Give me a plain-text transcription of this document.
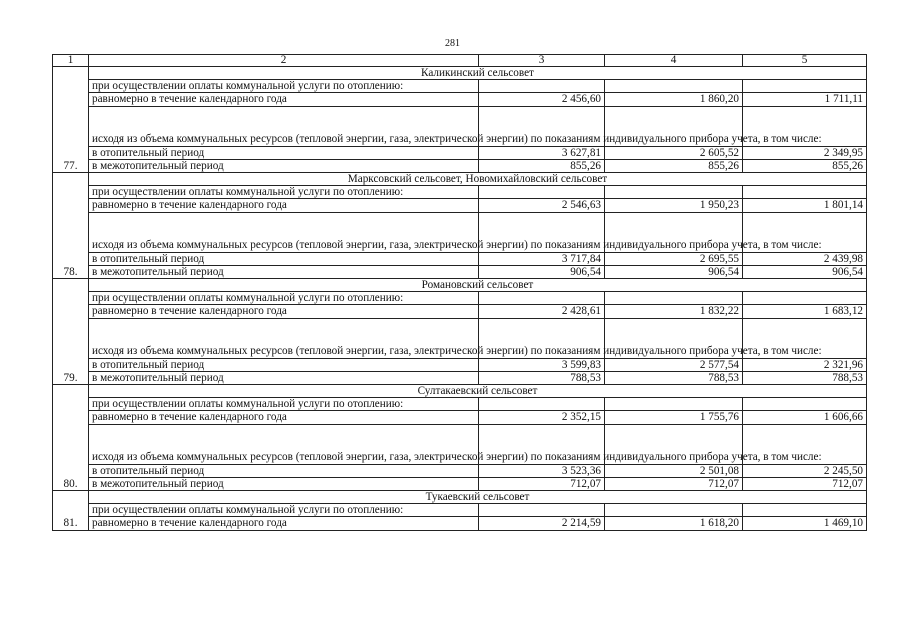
281
1	2	3	4	5
77.	Каликинский сельсовет			
	при осуществлении оплаты коммунальной услуги по отоплению:			
	равномерно в течение календарного года	2 456,60	1 860,20	1 711,11
	исходя из объема коммунальных ресурсов (тепловой энергии, газа, электрической энергии) по показаниям индивидуального прибора учета, в том числе:			
	в отопительный период	3 627,81	2 605,52	2 349,95
	в межотопительный период	855,26	855,26	855,26
78.	Марксовский сельсовет, Новомихайловский сельсовет			
	при осуществлении оплаты коммунальной услуги по отоплению:			
	равномерно в течение календарного года	2 546,63	1 950,23	1 801,14
	исходя из объема коммунальных ресурсов (тепловой энергии, газа, электрической энергии) по показаниям индивидуального прибора учета, в том числе:			
	в отопительный период	3 717,84	2 695,55	2 439,98
	в межотопительный период	906,54	906,54	906,54
79.	Романовский сельсовет			
	при осуществлении оплаты коммунальной услуги по отоплению:			
	равномерно в течение календарного года	2 428,61	1 832,22	1 683,12
	исходя из объема коммунальных ресурсов (тепловой энергии, газа, электрической энергии) по показаниям индивидуального прибора учета, в том числе:			
	в отопительный период	3 599,83	2 577,54	2 321,96
	в межотопительный период	788,53	788,53	788,53
80.	Султакаевский сельсовет			
	при осуществлении оплаты коммунальной услуги по отоплению:			
	равномерно в течение календарного года	2 352,15	1 755,76	1 606,66
	исходя из объема коммунальных ресурсов (тепловой энергии, газа, электрической энергии) по показаниям индивидуального прибора учета, в том числе:			
	в отопительный период	3 523,36	2 501,08	2 245,50
	в межотопительный период	712,07	712,07	712,07
81.	Тукаевский сельсовет			
	при осуществлении оплаты коммунальной услуги по отоплению:			
	равномерно в течение календарного года	2 214,59	1 618,20	1 469,10
